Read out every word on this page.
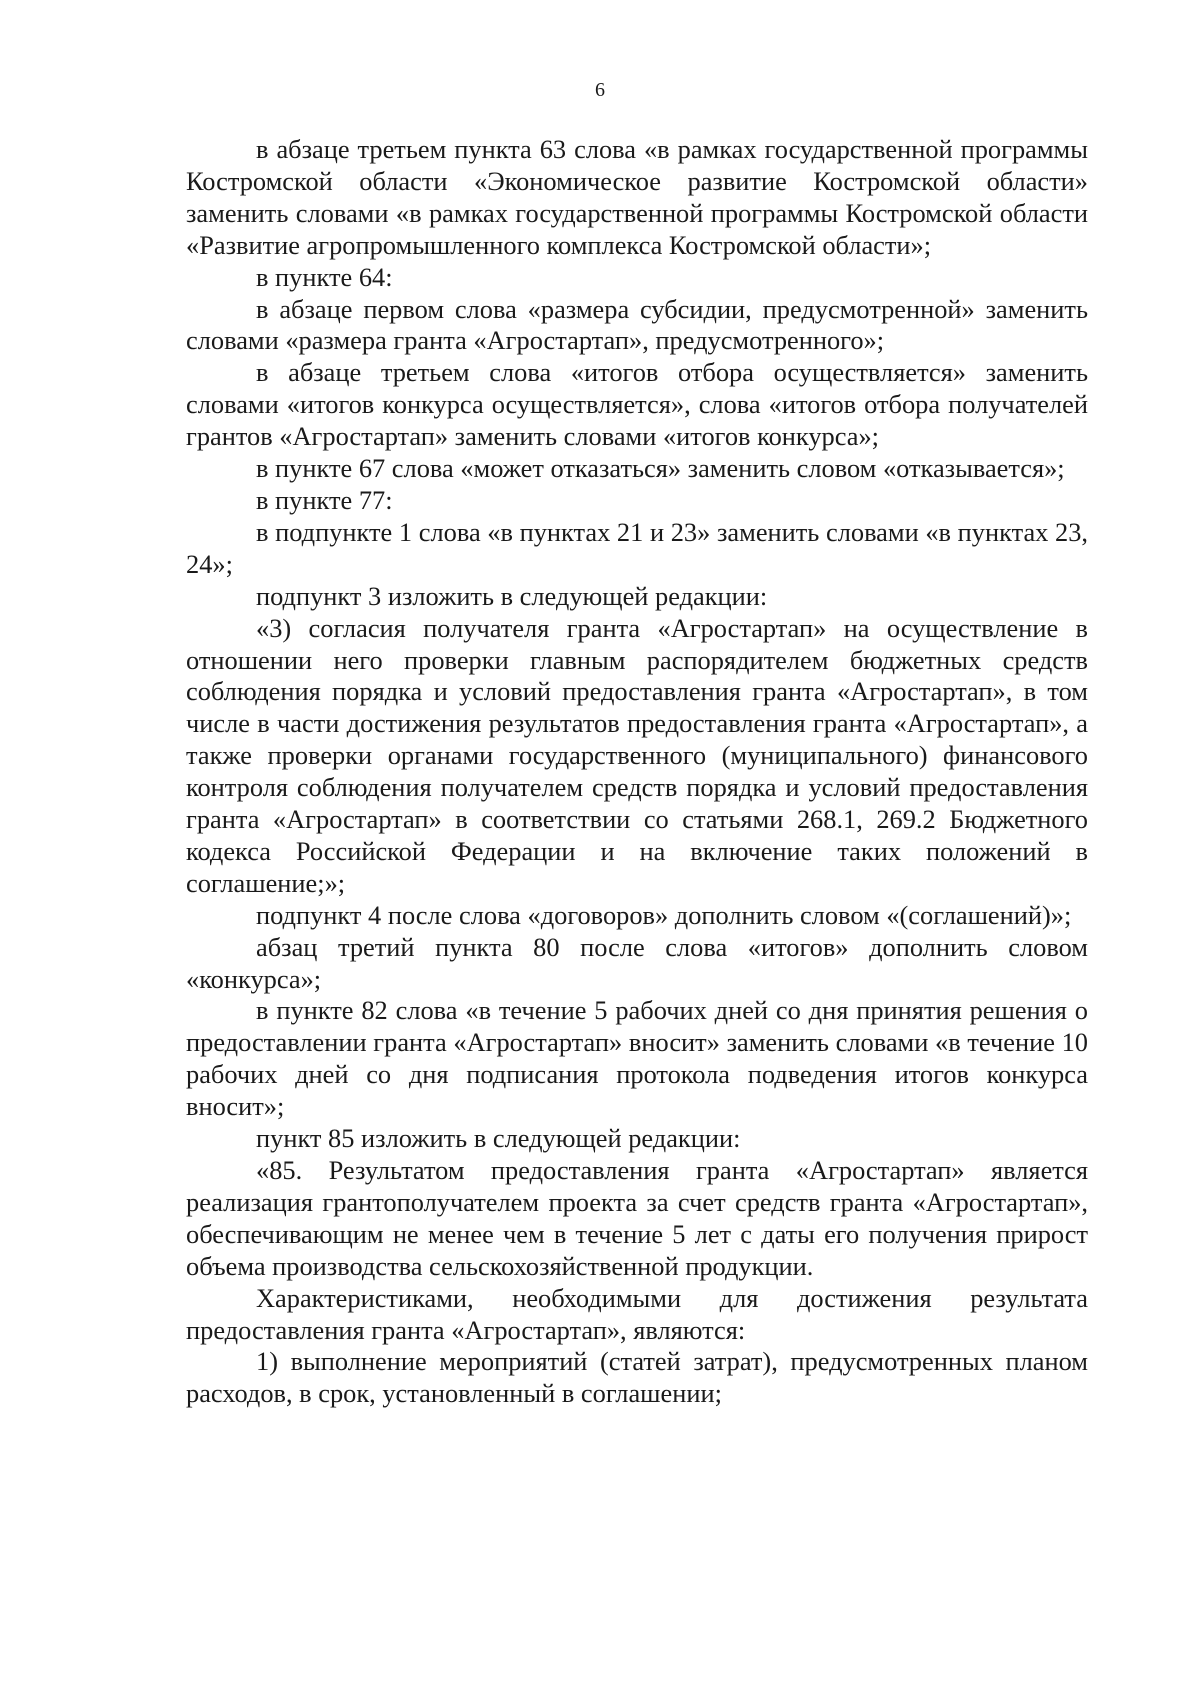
6

в абзаце третьем пункта 63 слова «в рамках государственной программы Костромской области «Экономическое развитие Костромской области» заменить словами «в рамках государственной программы Костромской области «Развитие агропромышленного комплекса Костромской области»;

в пункте 64:

в абзаце первом слова «размера субсидии, предусмотренной» заменить словами «размера гранта «Агростартап», предусмотренного»;

в абзаце третьем слова «итогов отбора осуществляется» заменить словами «итогов конкурса осуществляется», слова «итогов отбора получателей грантов «Агростартап» заменить словами «итогов конкурса»;

в пункте 67 слова «может отказаться» заменить словом «отказывается»;

в пункте 77:

в подпункте 1 слова «в пунктах 21 и 23» заменить словами «в пунктах 23, 24»;

подпункт 3 изложить в следующей редакции:

«3) согласия получателя гранта «Агростартап» на осуществление в отношении него проверки главным распорядителем бюджетных средств соблюдения порядка и условий предоставления гранта «Агростартап», в том числе в части достижения результатов предоставления гранта «Агростартап», а также проверки органами государственного (муниципального) финансового контроля соблюдения получателем средств порядка и условий предоставления гранта «Агростартап» в соответствии со статьями 268.1, 269.2 Бюджетного кодекса Российской Федерации и на включение таких положений в соглашение;»;

подпункт 4 после слова «договоров» дополнить словом «(соглашений)»;

абзац третий пункта 80 после слова «итогов» дополнить словом «конкурса»;

в пункте 82 слова «в течение 5 рабочих дней со дня принятия решения о предоставлении гранта «Агростартап» вносит» заменить словами «в течение 10 рабочих дней со дня подписания протокола подведения итогов конкурса вносит»;

пункт 85 изложить в следующей редакции:

«85. Результатом предоставления гранта «Агростартап» является реализация грантополучателем проекта за счет средств гранта «Агростартап», обеспечивающим не менее чем в течение 5 лет с даты его получения прирост объема производства сельскохозяйственной продукции.

Характеристиками, необходимыми для достижения результата предоставления гранта «Агростартап», являются:

1) выполнение мероприятий (статей затрат), предусмотренных планом расходов, в срок, установленный в соглашении;
